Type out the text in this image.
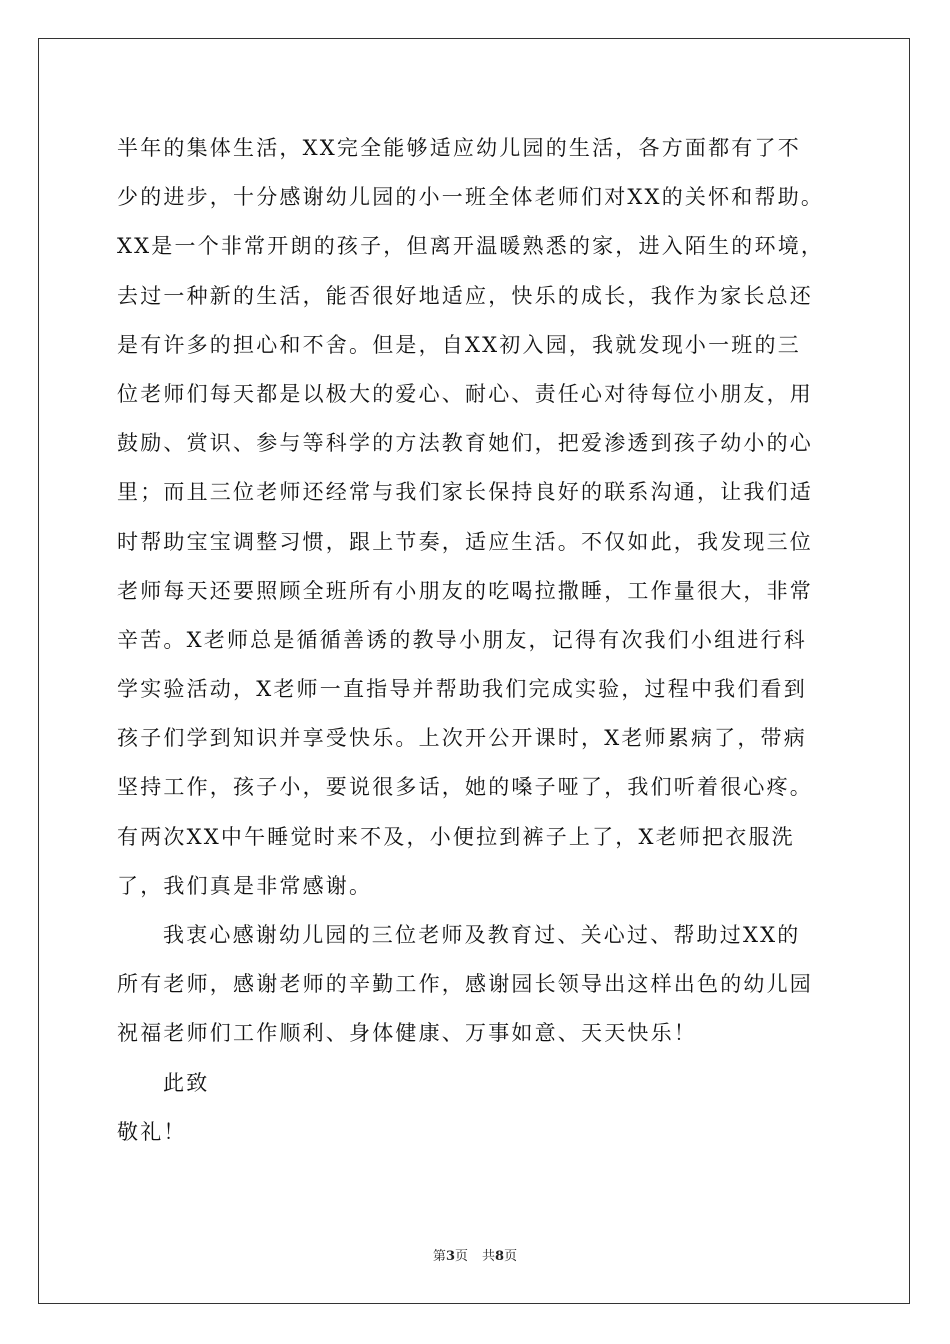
半年的集体生活，XX完全能够适应幼儿园的生活，各方面都有了不
少的进步，十分感谢幼儿园的小一班全体老师们对XX的关怀和帮助。
XX是一个非常开朗的孩子，但离开温暖熟悉的家，进入陌生的环境，
去过一种新的生活，能否很好地适应，快乐的成长，我作为家长总还
是有许多的担心和不舍。但是，自XX初入园，我就发现小一班的三
位老师们每天都是以极大的爱心、耐心、责任心对待每位小朋友，用
鼓励、赏识、参与等科学的方法教育她们，把爱渗透到孩子幼小的心
里；而且三位老师还经常与我们家长保持良好的联系沟通，让我们适
时帮助宝宝调整习惯，跟上节奏，适应生活。不仅如此，我发现三位
老师每天还要照顾全班所有小朋友的吃喝拉撒睡，工作量很大，非常
辛苦。X老师总是循循善诱的教导小朋友，记得有次我们小组进行科
学实验活动，X老师一直指导并帮助我们完成实验，过程中我们看到
孩子们学到知识并享受快乐。上次开公开课时，X老师累病了，带病
坚持工作，孩子小，要说很多话，她的嗓子哑了，我们听着很心疼。
有两次XX中午睡觉时来不及，小便拉到裤子上了，X老师把衣服洗
了，我们真是非常感谢。
我衷心感谢幼儿园的三位老师及教育过、关心过、帮助过XX的
所有老师，感谢老师的辛勤工作，感谢园长领导出这样出色的幼儿园
祝福老师们工作顺利、身体健康、万事如意、天天快乐！
此致
敬礼！
第3页 共8页
